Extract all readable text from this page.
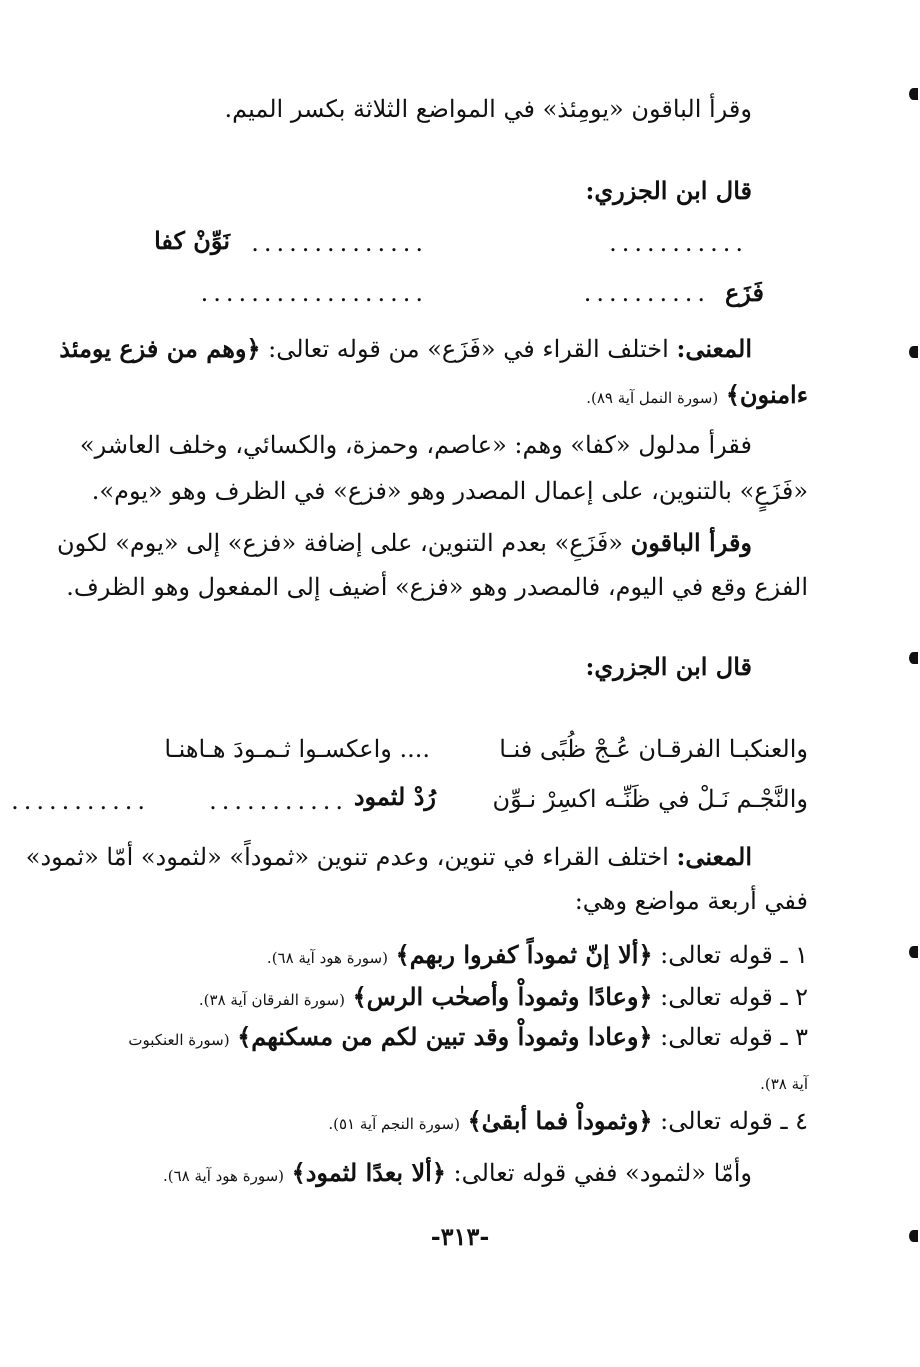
وقرأ الباقون «يومِئذ» في المواضع الثلاثة بكسر الميم.
قال ابن الجزري:
...........
..............
نَوِّنْ كفا
فَزَع
..........
..................
المعنى: اختلف القراء في «فَزَع» من قوله تعالى: ﴿وهم من فزع يومئذ
ءامنون﴾ (سورة النمل آية ٨٩).
فقرأ مدلول «كفا» وهم: «عاصم، وحمزة، والكسائي، وخلف العاشر»
«فَزَعٍ» بالتنوين، على إعمال المصدر وهو «فزع» في الظرف وهو «يوم».
وقرأ الباقون «فَزَعِ» بعدم التنوين، على إضافة «فزع» إلى «يوم» لكون
الفزع وقع في اليوم، فالمصدر وهو «فزع» أضيف إلى المفعول وهو الظرف.
قال ابن الجزري:
والعنكبـا الفرقـان عُـجْ ظُبًى فنـا
.... واعكسـوا ثـمـودَ هـاهنـا
والنَّجْـم نَـلْ في ظَنِّـه اكسِرْ نـوِّن
رُدْ لثمود
...........
...........
المعنى: اختلف القراء في تنوين، وعدم تنوين «ثموداً» «لثمود» أمّا «ثمود»
ففي أربعة مواضع وهي:
١ ـ قوله تعالى: ﴿ألا إنّ ثموداً كفروا ربهم﴾ (سورة هود آية ٦٨).
٢ ـ قوله تعالى: ﴿وعادًا وثموداْ وأصحٰب الرس﴾ (سورة الفرقان آية ٣٨).
٣ ـ قوله تعالى: ﴿وعادا وثموداْ وقد تبين لكم من مسكنهم﴾ (سورة العنكبوت
آية ٣٨).
٤ ـ قوله تعالى: ﴿وثموداْ فما أبقىٰ﴾ (سورة النجم آية ٥١).
وأمّا «لثمود» ففي قوله تعالى: ﴿ألا بعدًا لثمود﴾ (سورة هود آية ٦٨).
-٣١٣-
